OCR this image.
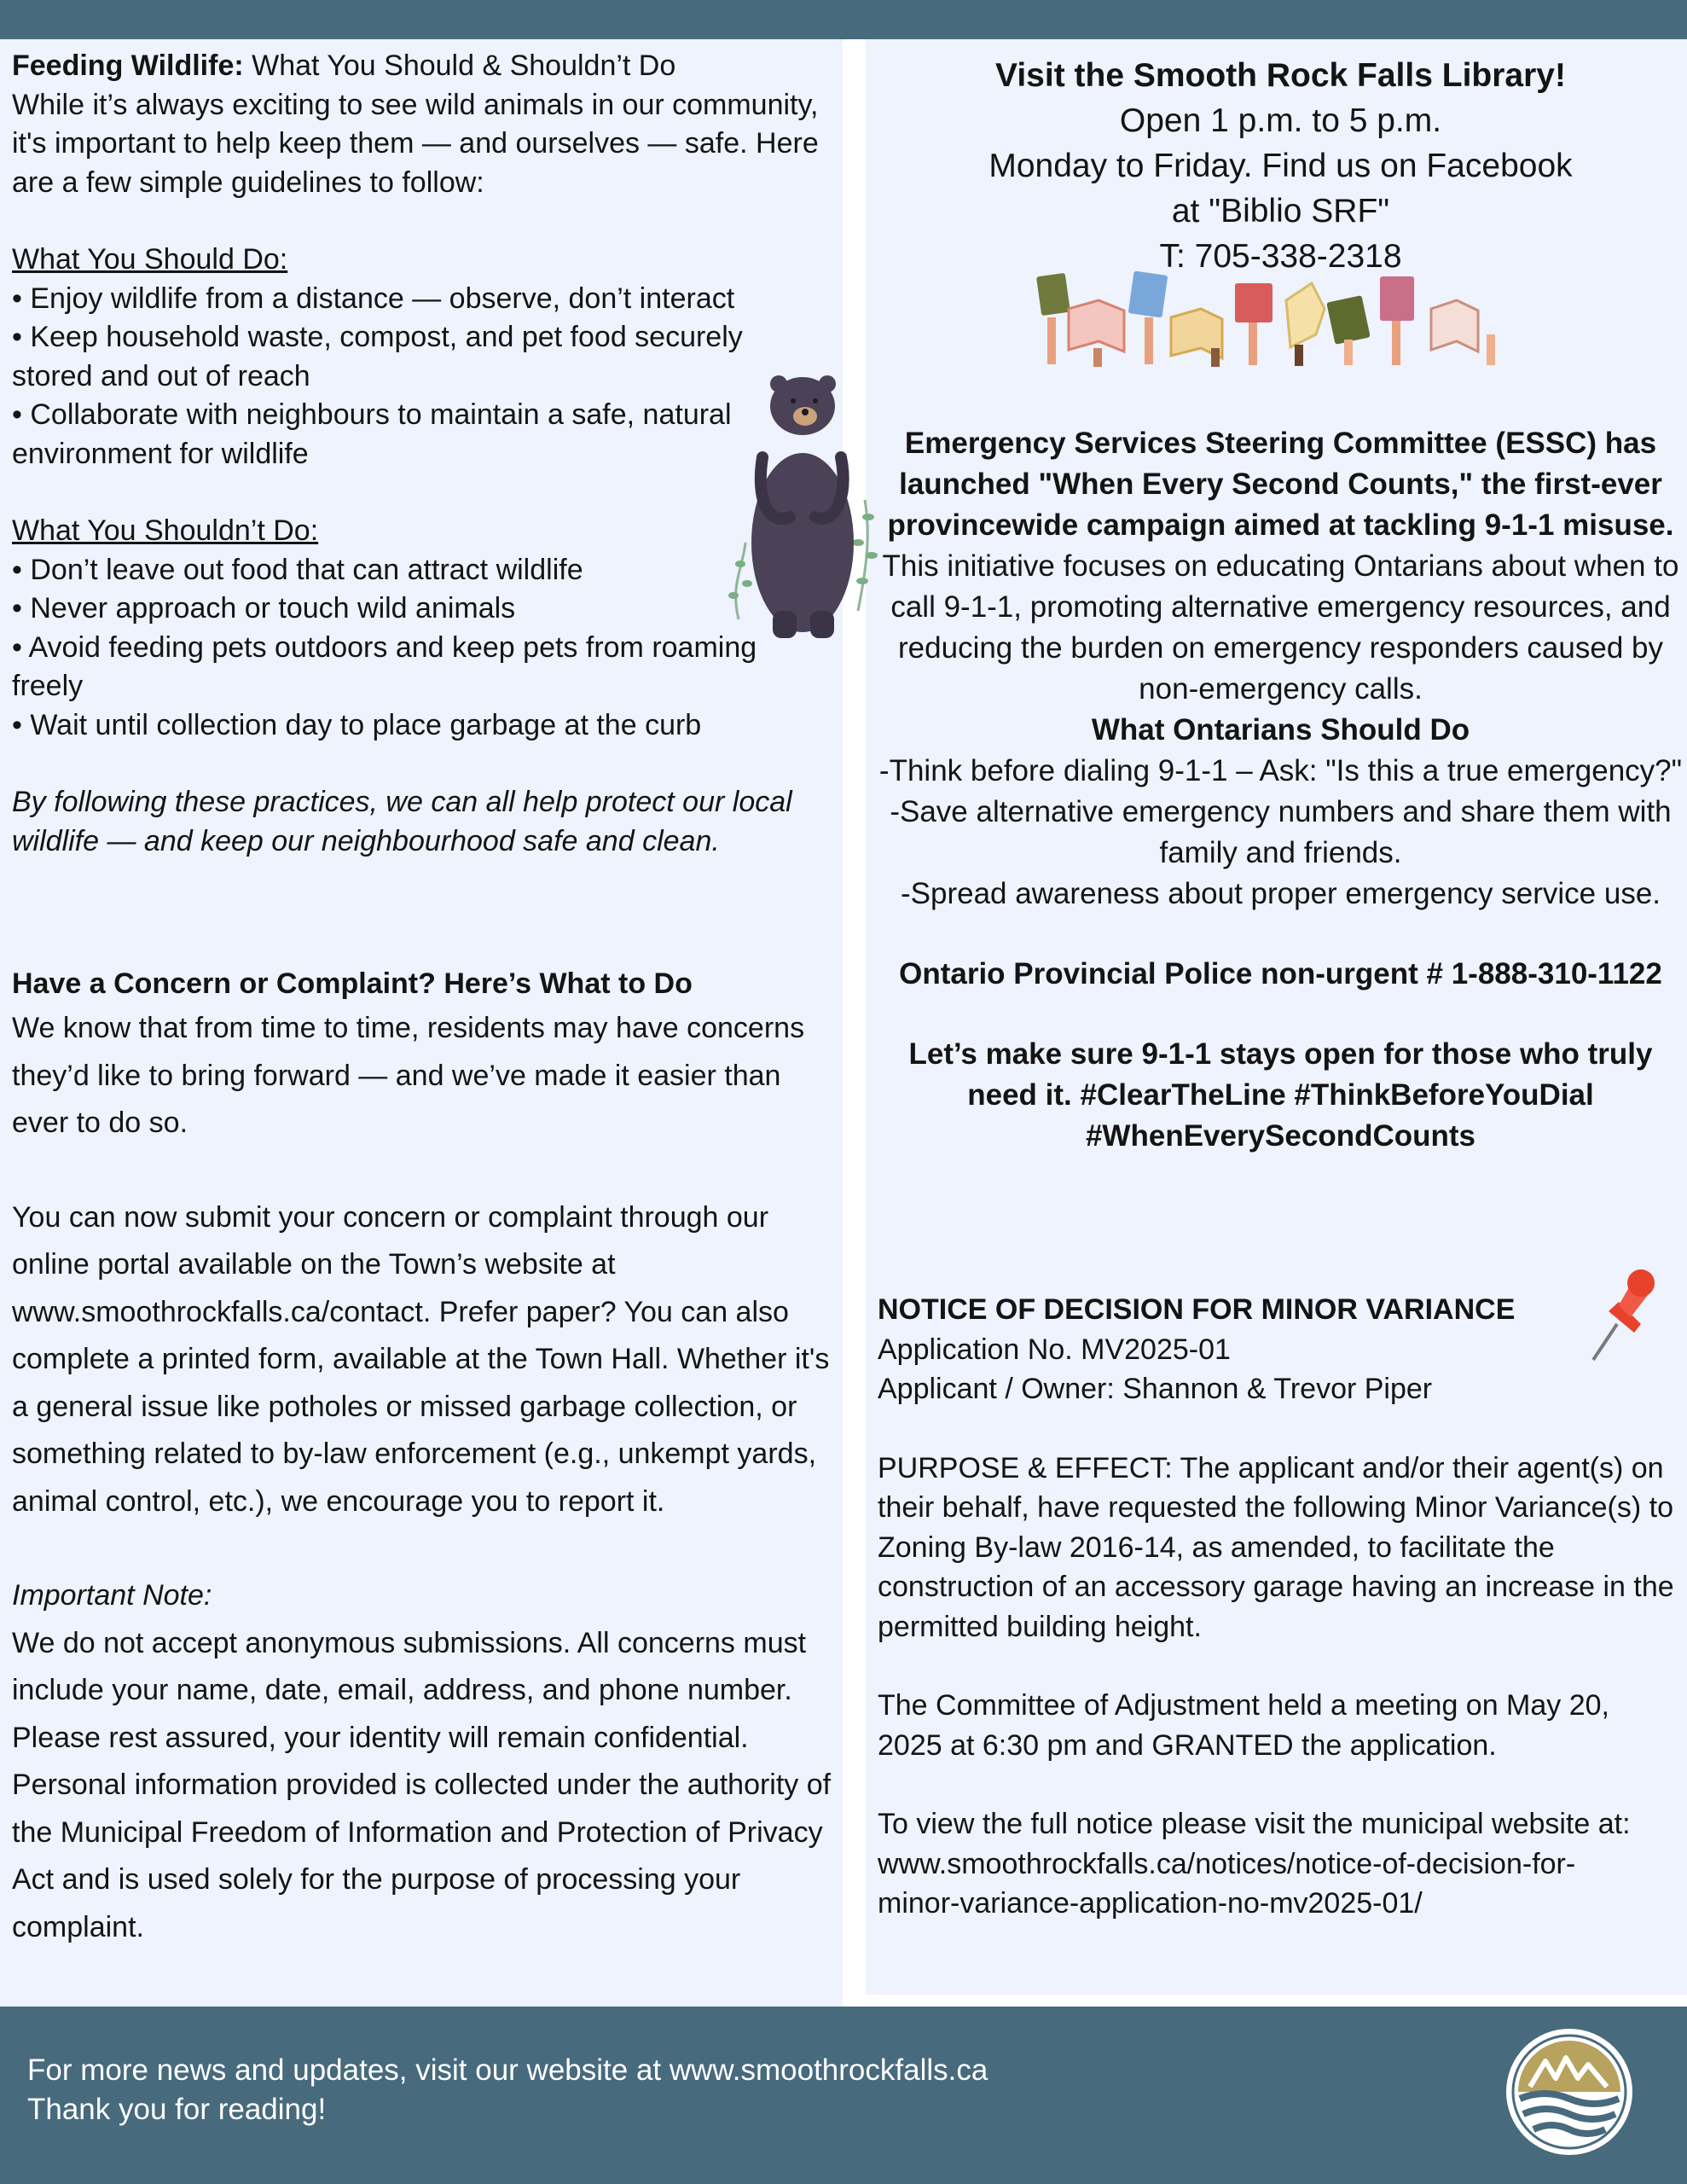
Feeding Wildlife: What You Should & Shouldn’t Do

While it’s always exciting to see wild animals in our community, it's important to help keep them — and ourselves — safe. Here are a few simple guidelines to follow:

What You Should Do:

• Enjoy wildlife from a distance — observe, don’t interact

• Keep household waste, compost, and pet food securely stored and out of reach

• Collaborate with neighbours to maintain a safe, natural environment for wildlife

What You Shouldn’t Do:

• Don’t leave out food that can attract wildlife

• Never approach or touch wild animals

• Avoid feeding pets outdoors and keep pets from roaming freely

• Wait until collection day to place garbage at the curb

By following these practices, we can all help protect our local wildlife — and keep our neighbourhood safe and clean.

Have a Concern or Complaint? Here’s What to Do

We know that from time to time, residents may have concerns they’d like to bring forward — and we’ve made it easier than ever to do so.

You can now submit your concern or complaint through our online portal available on the Town’s website at www.smoothrockfalls.ca/contact. Prefer paper? You can also complete a printed form, available at the Town Hall. Whether it's a general issue like potholes or missed garbage collection, or something related to by-law enforcement (e.g., unkempt yards, animal control, etc.), we encourage you to report it.

Important Note:

We do not accept anonymous submissions. All concerns must include your name, date, email, address, and phone number. Please rest assured, your identity will remain confidential. Personal information provided is collected under the authority of the Municipal Freedom of Information and Protection of Privacy Act and is used solely for the purpose of processing your complaint.

Visit the Smooth Rock Falls Library!

Open 1 p.m. to 5 p.m.

Monday to Friday. Find us on Facebook

at "Biblio SRF"

T: 705-338-2318

Emergency Services Steering Committee (ESSC) has launched "When Every Second Counts," the first-ever provincewide campaign aimed at tackling 9-1-1 misuse. This initiative focuses on educating Ontarians about when to call 9-1-1, promoting alternative emergency resources, and reducing the burden on emergency responders caused by non-emergency calls.

What Ontarians Should Do

-Think before dialing 9-1-1 – Ask: "Is this a true emergency?"

-Save alternative emergency numbers and share them with family and friends.

-Spread awareness about proper emergency service use.

Ontario Provincial Police non-urgent # 1-888-310-1122

Let’s make sure 9-1-1 stays open for those who truly need it. #ClearTheLine #ThinkBeforeYouDial #WhenEverySecondCounts

NOTICE OF DECISION FOR MINOR VARIANCE

Application No. MV2025-01

Applicant / Owner: Shannon & Trevor Piper

PURPOSE & EFFECT: The applicant and/or their agent(s) on their behalf, have requested the following Minor Variance(s) to Zoning By-law 2016-14, as amended, to facilitate the construction of an accessory garage having an increase in the permitted building height.

The Committee of Adjustment held a meeting on May 20, 2025 at 6:30 pm and GRANTED the application.

To view the full notice please visit the municipal website at:

www.smoothrockfalls.ca/notices/notice-of-decision-for-

minor-variance-application-no-mv2025-01/

For more news and updates, visit our website at www.smoothrockfalls.ca

Thank you for reading!
